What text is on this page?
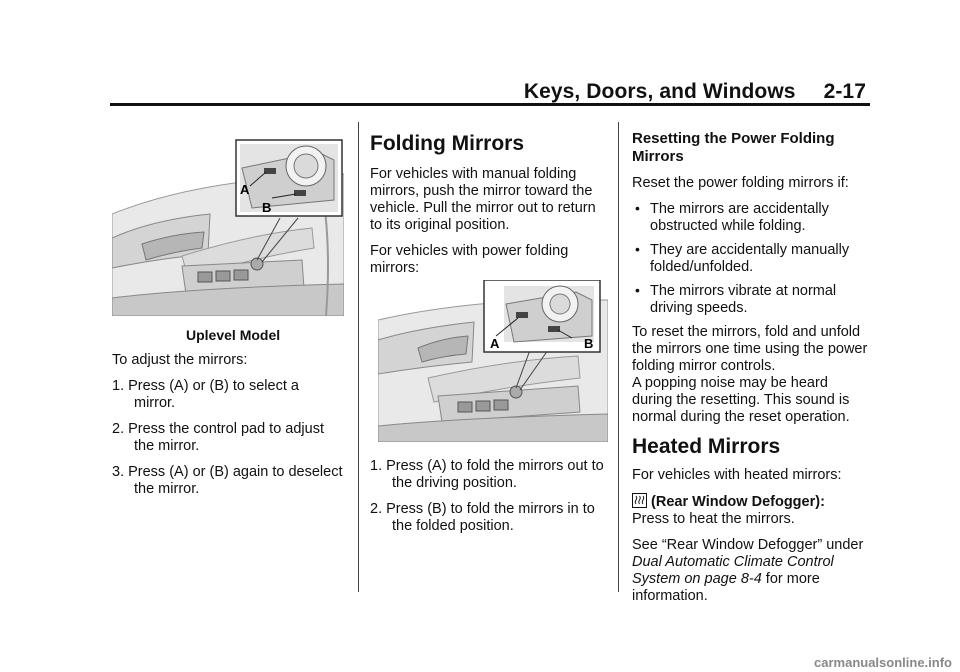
Keys, Doors, and Windows 2-17
A
B
Uplevel Model

To adjust the mirrors:

1. Press (A) or (B) to select a mirror.
2. Press the control pad to adjust the mirror.
3. Press (A) or (B) again to deselect the mirror.
Folding Mirrors

For vehicles with manual folding mirrors, push the mirror toward the vehicle. Pull the mirror out to return to its original position.

For vehicles with power folding mirrors:

A	B
1. Press (A) to fold the mirrors out to the driving position.
2. Press (B) to fold the mirrors in to the folded position.
Resetting the Power Folding Mirrors

Reset the power folding mirrors if:

• The mirrors are accidentally obstructed while folding.
• They are accidentally manually folded/unfolded.
• The mirrors vibrate at normal driving speeds.

To reset the mirrors, fold and unfold the mirrors one time using the power folding mirror controls.

A popping noise may be heard during the resetting. This sound is normal during the reset operation.

Heated Mirrors

For vehicles with heated mirrors:

(Rear Window Defogger):
Press to heat the mirrors.

See “Rear Window Defogger” under
Dual Automatic Climate Control System on page 8-4 for more information.

carmanualsonline.info
